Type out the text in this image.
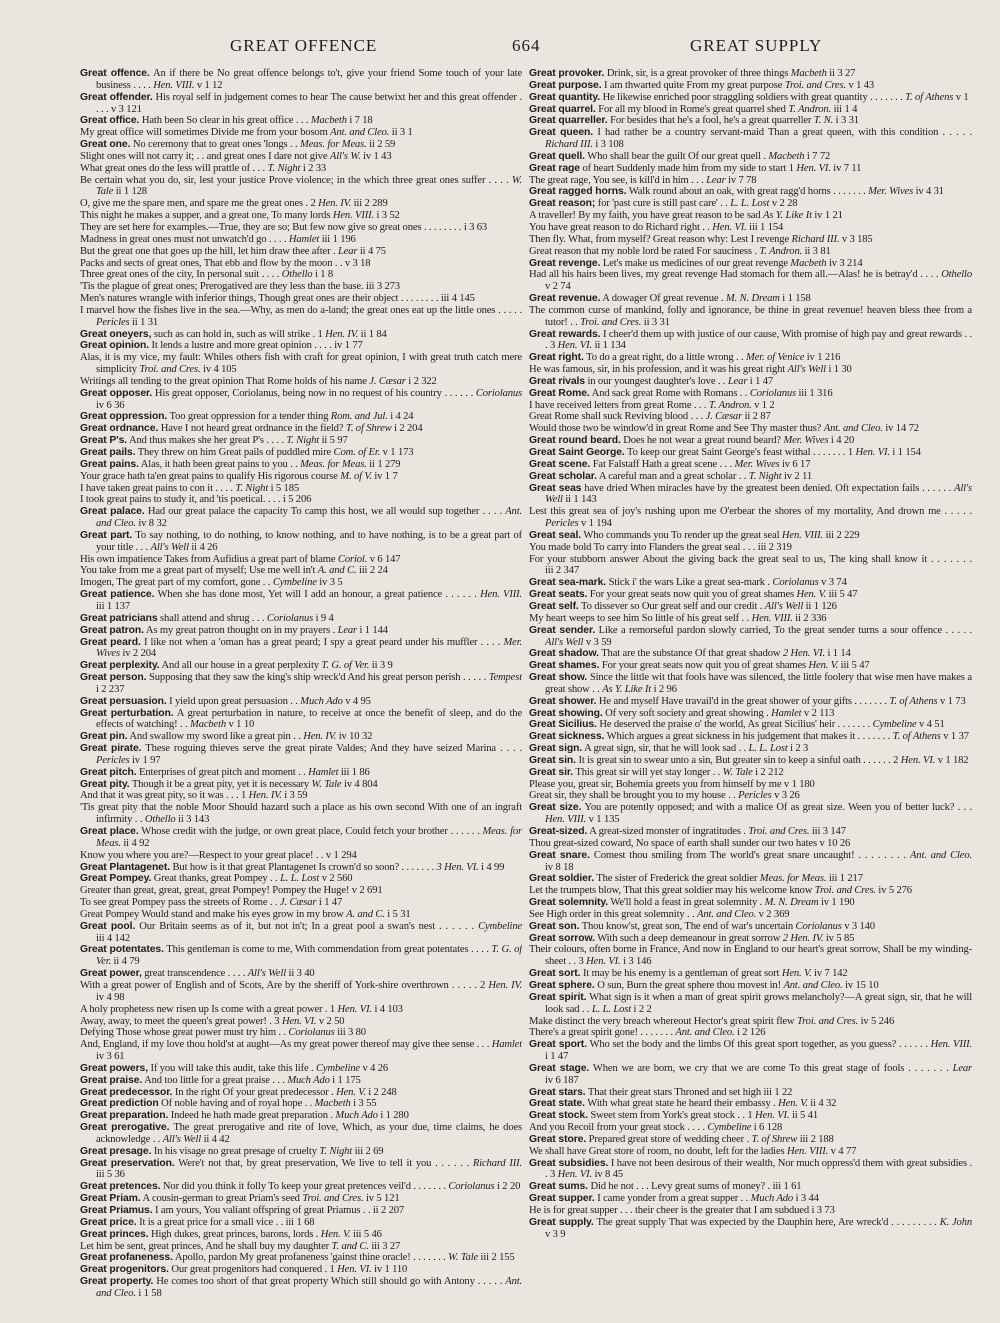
GREAT OFFENCE	664	GREAT SUPPLY

Great offence. An if there be No great offence belongs to't, give your friend Some touch of your late business . . . . Hen. VIII. v 1 12

Great offender. His royal self in judgement comes to hear The cause betwixt her and this great offender . . . . v 3 121

Great office. Hath been So clear in his great office . . . Macbeth i 7 18

My great office will sometimes Divide me from your bosom Ant. and Cleo. ii 3 1

Great one. No ceremony that to great ones 'longs . . Meas. for Meas. ii 2 59

Slight ones will not carry it; . . and great ones I dare not give All's W. iv 1 43

What great ones do the less will prattle of . . . T. Night i 2 33

Be certain what you do, sir, lest your justice Prove violence; in the which three great ones suffer . . . . W. Tale ii 1 128

O, give me the spare men, and spare me the great ones . 2 Hen. IV. iii 2 289

This night he makes a supper, and a great one, To many lords Hen. VIII. i 3 52

They are set here for examples.—True, they are so; But few now give so great ones . . . . . . . . i 3 63

Madness in great ones must not unwatch'd go . . . . Hamlet iii 1 196

But the great one that goes up the hill, let him draw thee after . Lear ii 4 75

Packs and sects of great ones, That ebb and flow by the moon . . v 3 18

Three great ones of the city, In personal suit . . . . Othello i 1 8

'Tis the plague of great ones; Prerogatived are they less than the base. iii 3 273

Men's natures wrangle with inferior things, Though great ones are their object . . . . . . . . iii 4 145

I marvel how the fishes live in the sea.—Why, as men do a-land; the great ones eat up the little ones . . . . . Pericles ii 1 31

Great oneyers, such as can hold in, such as will strike . 1 Hen. IV. ii 1 84

Great opinion. It lends a lustre and more great opinion . . . . iv 1 77

Alas, it is my vice, my fault: Whiles others fish with craft for great opinion, I with great truth catch mere simplicity Troi. and Cres. iv 4 105

Writings all tending to the great opinion That Rome holds of his name J. Cæsar i 2 322

Great opposer. His great opposer, Coriolanus, being now in no request of his country . . . . . . Coriolanus iv 6 36

Great oppression. Too great oppression for a tender thing Rom. and Jul. i 4 24

Great ordnance. Have I not heard great ordnance in the field? T. of Shrew i 2 204

Great P's. And thus makes she her great P's . . . . T. Night ii 5 97

Great pails. They threw on him Great pails of puddled mire Com. of Er. v 1 173

Great pains. Alas, it hath been great pains to you . . Meas. for Meas. ii 1 279

Your grace hath ta'en great pains to qualify His rigorous course M. of V. iv 1 7

I have taken great pains to con it . . . . T. Night i 5 185

I took great pains to study it, and 'tis poetical. . . . i 5 206

Great palace. Had our great palace the capacity To camp this host, we all would sup together . . . . Ant. and Cleo. iv 8 32

Great part. To say nothing, to do nothing, to know nothing, and to have nothing, is to be a great part of your title . . . All's Well ii 4 26

His own impatience Takes from Aufidius a great part of blame Coriol. v 6 147

You take from me a great part of myself; Use me well in't A. and C. iii 2 24

Imogen, The great part of my comfort, gone . . Cymbeline iv 3 5

Great patience. When she has done most, Yet will I add an honour, a great patience . . . . . . Hen. VIII. iii 1 137

Great patricians shall attend and shrug . . . Coriolanus i 9 4

Great patron. As my great patron thought on in my prayers . Lear i 1 144

Great peard. I like not when a 'oman has a great peard; I spy a great peard under his muffler . . . . Mer. Wives iv 2 204

Great perplexity. And all our house in a great perplexity T. G. of Ver. ii 3 9

Great person. Supposing that they saw the king's ship wreck'd And his great person perish . . . . . Tempest i 2 237

Great persuasion. I yield upon great persuasion . . Much Ado v 4 95

Great perturbation. A great perturbation in nature, to receive at once the benefit of sleep, and do the effects of watching! . . Macbeth v 1 10

Great pin. And swallow my sword like a great pin . . Hen. IV. iv 10 32

Great pirate. These roguing thieves serve the great pirate Valdes; And they have seized Marina . . . . Pericles iv 1 97

Great pitch. Enterprises of great pitch and moment . . Hamlet iii 1 86

Great pity. Though it be a great pity, yet it is necessary W. Tale iv 4 804

And that it was great pity, so it was . . . 1 Hen. IV. i 3 59

'Tis great pity that the noble Moor Should hazard such a place as his own second With one of an ingraft infirmity . . Othello ii 3 143

Great place. Whose credit with the judge, or own great place, Could fetch your brother . . . . . . Meas. for Meas. ii 4 92

Know you where you are?—Respect to your great place! . . v 1 294

Great Plantagenet. But how is it that great Plantagenet Is crown'd so soon? . . . . . . . 3 Hen. VI. i 4 99

Great Pompey. Great thanks, great Pompey . . L. L. Lost v 2 560

Greater than great, great, great, great Pompey! Pompey the Huge! v 2 691

To see great Pompey pass the streets of Rome . . J. Cæsar i 1 47

Great Pompey Would stand and make his eyes grow in my brow A. and C. i 5 31

Great pool. Our Britain seems as of it, but not in't; In a great pool a swan's nest . . . . . . Cymbeline iii 4 142

Great potentates. This gentleman is come to me, With commendation from great potentates . . . . T. G. of Ver. ii 4 79

Great power, great transcendence . . . . All's Well ii 3 40

With a great power of English and of Scots, Are by the sheriff of York-shire overthrown . . . . . 2 Hen. IV. iv 4 98

A holy prophetess new risen up Is come with a great power . 1 Hen. VI. i 4 103

Away, away, to meet the queen's great power! . 3 Hen. VI. v 2 50

Defying Those whose great power must try him . . Coriolanus iii 3 80

And, England, if my love thou hold'st at aught—As my great power thereof may give thee sense . . . Hamlet iv 3 61

Great powers, If you will take this audit, take this life . Cymbeline v 4 26

Great praise. And too little for a great praise . . . Much Ado i 1 175

Great predecessor. In the right Of your great predecessor . Hen. V. i 2 248

Great prediction Of noble having and of royal hope . . Macbeth i 3 55

Great preparation. Indeed he hath made great preparation . Much Ado i 1 280

Great prerogative. The great prerogative and rite of love, Which, as your due, time claims, he does acknowledge . . All's Well ii 4 42

Great presage. In his visage no great presage of cruelty T. Night iii 2 69

Great preservation. Were't not that, by great preservation, We live to tell it you . . . . . . Richard III. iii 5 36

Great pretences. Nor did you think it folly To keep your great pretences veil'd . . . . . . . Coriolanus i 2 20

Great Priam. A cousin-german to great Priam's seed Troi. and Cres. iv 5 121

Great Priamus. I am yours, You valiant offspring of great Priamus . . ii 2 207

Great price. It is a great price for a small vice . . iii 1 68

Great princes. High dukes, great princes, barons, lords . Hen. V. iii 5 46

Let him be sent, great princes, And he shall buy my daughter T. and C. iii 3 27

Great profaneness. Apollo, pardon My great profaneness 'gainst thine oracle! . . . . . . . W. Tale iii 2 155

Great progenitors. Our great progenitors had conquered . 1 Hen. VI. iv 1 110

Great property. He comes too short of that great property Which still should go with Antony . . . . . Ant. and Cleo. i 1 58

Great provoker. Drink, sir, is a great provoker of three things Macbeth ii 3 27

Great purpose. I am thwarted quite From my great purpose Troi. and Cres. v 1 43

Great quantity. He likewise enriched poor straggling soldiers with great quantity . . . . . . . T. of Athens v 1

Great quarrel. For all my blood in Rome's great quarrel shed T. Andron. iii 1 4

Great quarreller. For besides that he's a fool, he's a great quarreller T. N. i 3 31

Great queen. I had rather be a country servant-maid Than a great queen, with this condition . . . . . Richard III. i 3 108

Great quell. Who shall bear the guilt Of our great quell . Macbeth i 7 72

Great rage of heart Suddenly made him from my side to start 1 Hen. VI. iv 7 11

The great rage, You see, is kill'd in him . . . Lear iv 7 78

Great ragged horns. Walk round about an oak, with great ragg'd horns . . . . . . . Mer. Wives iv 4 31

Great reason; for 'past cure is still past care' . . L. L. Lost v 2 28

A traveller! By my faith, you have great reason to be sad As Y. Like It iv 1 21

You have great reason to do Richard right . . Hen. VI. iii 1 154

Then fly. What, from myself? Great reason why: Lest I revenge Richard III. v 3 185

Great reason that my noble lord be rated For sauciness . T. Andron. ii 3 81

Great revenge. Let's make us medicines of our great revenge Macbeth iv 3 214

Had all his hairs been lives, my great revenge Had stomach for them all.—Alas! he is betray'd . . . . Othello v 2 74

Great revenue. A dowager Of great revenue . M. N. Dream i 1 158

The common curse of mankind, folly and ignorance, be thine in great revenue! heaven bless thee from a tutor! . . Troi. and Cres. ii 3 31

Great rewards. I cheer'd them up with justice of our cause, With promise of high pay and great rewards . . . 3 Hen. VI. ii 1 134

Great right. To do a great right, do a little wrong . . Mer. of Venice iv 1 216

He was famous, sir, in his profession, and it was his great right All's Well i 1 30

Great rivals in our youngest daughter's love . . Lear i 1 47

Great Rome. And sack great Rome with Romans . . Coriolanus iii 1 316

I have received letters from great Rome . . . T. Andron. v 1 2

Great Rome shall suck Reviving blood . . . J. Cæsar ii 2 87

Would those two be window'd in great Rome and See Thy master thus? Ant. and Cleo. iv 14 72

Great round beard. Does he not wear a great round beard? Mer. Wives i 4 20

Great Saint George. To keep our great Saint George's feast withal . . . . . . . 1 Hen. VI. i 1 154

Great scene. Fat Falstaff Hath a great scene . . . Mer. Wives iv 6 17

Great scholar. A careful man and a great scholar . . T. Night iv 2 11

Great seas have dried When miracles have by the greatest been denied. Oft expectation fails . . . . . . All's Well ii 1 143

Lest this great sea of joy's rushing upon me O'erbear the shores of my mortality, And drown me . . . . . Pericles v 1 194

Great seal. Who commands you To render up the great seal Hen. VIII. iii 2 229

You made bold To carry into Flanders the great seal . . . iii 2 319

For your stubborn answer About the giving back the great seal to us, The king shall know it . . . . . . . iii 2 347

Great sea-mark. Stick i' the wars Like a great sea-mark . Coriolanus v 3 74

Great seats. For your great seats now quit you of great shames Hen. V. iii 5 47

Great self. To dissever so Our great self and our credit . All's Well ii 1 126

My heart weeps to see him So little of his great self . . Hen. VIII. ii 2 336

Great sender. Like a remorseful pardon slowly carried, To the great sender turns a sour offence . . . . . All's Well v 3 59

Great shadow. That are the substance Of that great shadow 2 Hen. VI. i 1 14

Great shames. For your great seats now quit you of great shames Hen. V. iii 5 47

Great show. Since the little wit that fools have was silenced, the little foolery that wise men have makes a great show . . As Y. Like It i 2 96

Great shower. He and myself Have travail'd in the great shower of your gifts . . . . . . . T. of Athens v 1 73

Great showing. Of very soft society and great showing . Hamlet v 2 113

Great Sicilius. He deserved the praise o' the world, As great Sicilius' heir . . . . . . . Cymbeline v 4 51

Great sickness. Which argues a great sickness in his judgement that makes it . . . . . . . T. of Athens v 1 37

Great sign. A great sign, sir, that he will look sad . . L. L. Lost i 2 3

Great sin. It is great sin to swear unto a sin, But greater sin to keep a sinful oath . . . . . . 2 Hen. VI. v 1 182

Great sir. This great sir will yet stay longer . . W. Tale i 2 212

Please you, great sir, Bohemia greets you from himself by me v 1 180

Great sir, they shall be brought you to my house . . Pericles v 3 26

Great size. You are potently opposed; and with a malice Of as great size. Ween you of better luck? . . . Hen. VIII. v 1 135

Great-sized. A great-sized monster of ingratitudes . Troi. and Cres. iii 3 147

Thou great-sized coward, No space of earth shall sunder our two hates v 10 26

Great snare. Comest thou smiling from The world's great snare uncaught! . . . . . . . . Ant. and Cleo. iv 8 18

Great soldier. The sister of Frederick the great soldier Meas. for Meas. iii 1 217

Let the trumpets blow, That this great soldier may his welcome know Troi. and Cres. iv 5 276

Great solemnity. We'll hold a feast in great solemnity . M. N. Dream iv 1 190

See High order in this great solemnity . . Ant. and Cleo. v 2 369

Great son. Thou know'st, great son, The end of war's uncertain Coriolanus v 3 140

Great sorrow. With such a deep demeanour in great sorrow 2 Hen. IV. iv 5 85

Their colours, often borne in France, And now in England to our heart's great sorrow, Shall be my winding-sheet . . 3 Hen. VI. i 3 146

Great sort. It may be his enemy is a gentleman of great sort Hen. V. iv 7 142

Great sphere. O sun, Burn the great sphere thou movest in! Ant. and Cleo. iv 15 10

Great spirit. What sign is it when a man of great spirit grows melancholy?—A great sign, sir, that he will look sad . . L. L. Lost i 2 2

Make distinct the very breach whereout Hector's great spirit flew Troi. and Cres. iv 5 246

There's a great spirit gone! . . . . . . . Ant. and Cleo. i 2 126

Great sport. Who set the body and the limbs Of this great sport together, as you guess? . . . . . . Hen. VIII. i 1 47

Great stage. When we are born, we cry that we are come To this great stage of fools . . . . . . . Lear iv 6 187

Great stars. That their great stars Throned and set high iii 1 22

Great state. With what great state he heard their embassy . Hen. V. ii 4 32

Great stock. Sweet stem from York's great stock . . 1 Hen. VI. ii 5 41

And you Recoil from your great stock . . . . Cymbeline i 6 128

Great store. Prepared great store of wedding cheer . T. of Shrew iii 2 188

We shall have Great store of room, no doubt, left for the ladies Hen. VIII. v 4 77

Great subsidies. I have not been desirous of their wealth, Nor much oppress'd them with great subsidies . . 3 Hen. VI. iv 8 45

Great sums. Did he not . . . Levy great sums of money? . iii 1 61

Great supper. I came yonder from a great supper . . Much Ado i 3 44

He is for great supper . . . their cheer is the greater that I am subdued i 3 73

Great supply. The great supply That was expected by the Dauphin here, Are wreck'd . . . . . . . . . K. John v 3 9
